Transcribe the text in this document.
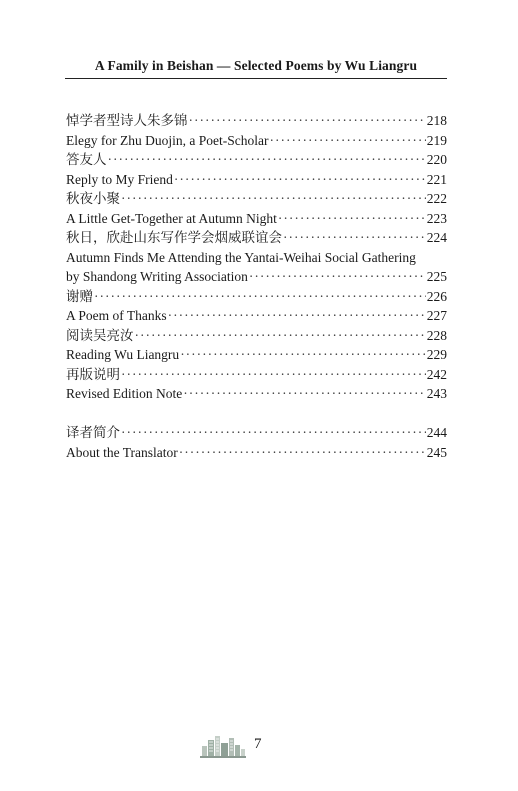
A Family in Beishan — Selected Poems by Wu Liangru
悼学者型诗人朱多锦 ·····	218
Elegy for Zhu Duojin, a Poet-Scholar ·····	219
答友人 ·····	220
Reply to My Friend ·····	221
秋夜小聚 ·····	222
A Little Get-Together at Autumn Night ·····	223
秋日，欣赴山东写作学会烟威联谊会 ·····	224
Autumn Finds Me Attending the Yantai-Weihai Social Gathering
by Shandong Writing Association ·····	225
谢赠 ·····	226
A Poem of Thanks ·····	227
阅读吴亮汝 ·····	228
Reading Wu Liangru ·····	229
再版说明 ·····	242
Revised Edition Note ·····	243
译者简介 ·····	244
About the Translator ·····	245
7
